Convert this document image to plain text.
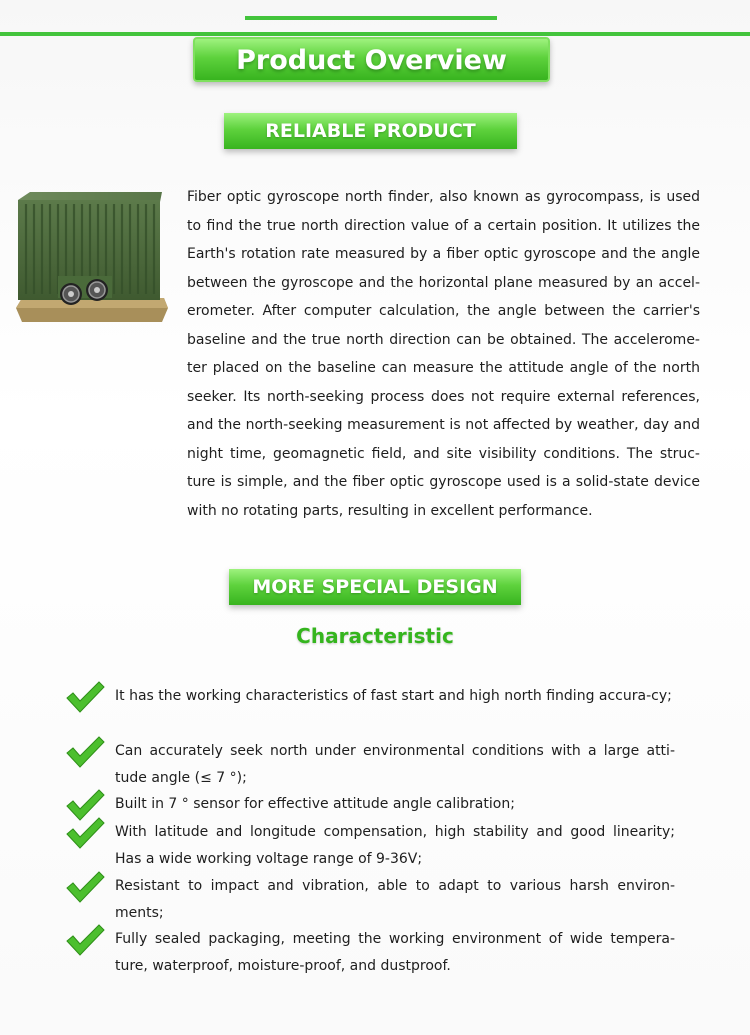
Product Overview
RELIABLE PRODUCT

Fiber optic gyroscope north finder, also known as gyrocompass, is used to find the true north direction value of a certain position. It utilizes the Earth's rotation rate measured by a fiber optic gyroscope and the angle between the gyroscope and the horizontal plane measured by an accel-erometer. After computer calculation, the angle between the carrier's baseline and the true north direction can be obtained. The accelerome-ter placed on the baseline can measure the attitude angle of the north seeker. Its north-seeking process does not require external references, and the north-seeking measurement is not affected by weather, day and night time, geomagnetic field, and site visibility conditions. The struc-ture is simple, and the fiber optic gyroscope used is a solid-state device with no rotating parts, resulting in excellent performance.

MORE SPECIAL DESIGN
Characteristic
It has the working characteristics of fast start and high north finding accura-cy;
Can accurately seek north under environmental conditions with a large atti-tude angle (≤ 7 °);
Built in 7 ° sensor for effective attitude angle calibration;
With latitude and longitude compensation, high stability and good linearity; Has a wide working voltage range of 9-36V;
Resistant to impact and vibration, able to adapt to various harsh environ-ments;
Fully sealed packaging, meeting the working environment of wide tempera-ture, waterproof, moisture-proof, and dustproof.
